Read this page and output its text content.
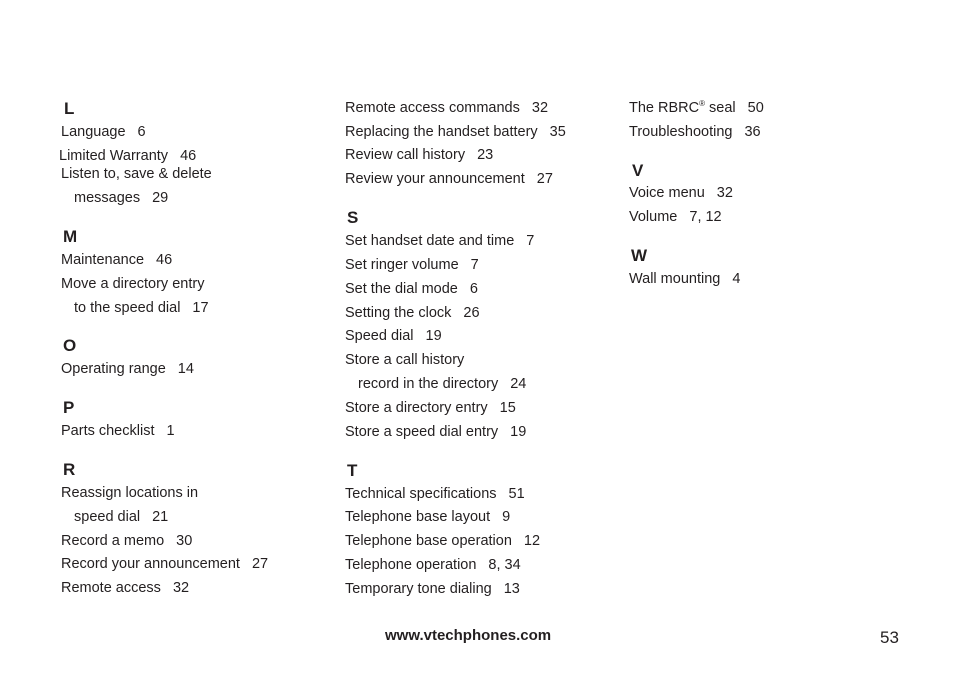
L
Language 6
Limited Warranty 46
Listen to, save & delete
messages 29
M
Maintenance 46
Move a directory entry
to the speed dial 17
O
Operating range 14
P
Parts checklist 1
R
Reassign locations in
speed dial 21
Record a memo 30
Record your announcement 27
Remote access 32
Remote access commands 32
Replacing the handset battery 35
Review call history 23
Review your announcement 27
S
Set handset date and time 7
Set ringer volume 7
Set the dial mode 6
Setting the clock 26
Speed dial 19
Store a call history
record in the directory 24
Store a directory entry 15
Store a speed dial entry 19
T
Technical specifications 51
Telephone base layout 9
Telephone base operation 12
Telephone operation 8, 34
Temporary tone dialing 13
The RBRC® seal 50
Troubleshooting 36
V
Voice menu 32
Volume 7, 12
W
Wall mounting 4
www.vtechphones.com	53
